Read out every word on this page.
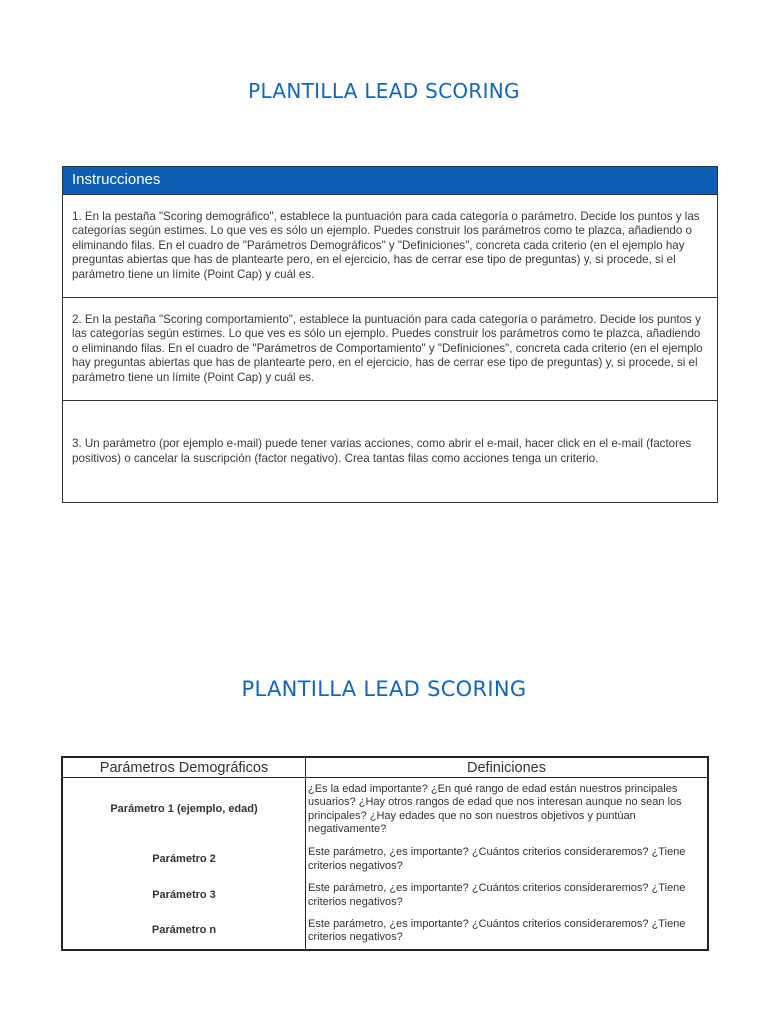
PLANTILLA LEAD SCORING
Instrucciones
1. En la pestaña "Scoring demográfico", establece la puntuación para cada categoría o parámetro. Decide los puntos y las categorías según estimes. Lo que ves es sólo un ejemplo. Puedes construir los parámetros como te plazca, añadiendo o eliminando filas. En el cuadro de "Parámetros Demográficos" y "Definiciones", concreta cada criterio (en el ejemplo hay preguntas abiertas que has de plantearte pero, en el ejercicio, has de cerrar ese tipo de preguntas) y, si procede, si el parámetro tiene un límite (Point Cap) y cuál es.
2. En la pestaña "Scoring comportamiento", establece la puntuación para cada categoría o parámetro. Decide los puntos y las categorías según estimes. Lo que ves es sólo un ejemplo. Puedes construir los parámetros como te plazca, añadiendo o eliminando filas. En el cuadro de "Parámetros de Comportamiento" y "Definiciones", concreta cada criterio (en el ejemplo hay preguntas abiertas que has de plantearte pero, en el ejercicio, has de cerrar ese tipo de preguntas) y, si procede, si el parámetro tiene un límite (Point Cap) y cuál es.
3. Un parámetro (por ejemplo e-mail) puede tener varias acciones, como abrir el e-mail, hacer click en el e-mail (factores positivos) o cancelar la suscripción (factor negativo). Crea tantas filas como acciones tenga un criterio.
PLANTILLA LEAD SCORING
Parámetros Demográficos	Definiciones
Parámetro 1 (ejemplo, edad)	¿Es la edad importante? ¿En qué rango de edad están nuestros principales usuarios? ¿Hay otros rangos de edad que nos interesan aunque no sean los principales? ¿Hay edades que no son nuestros objetivos y puntúan negativamente?
Parámetro 2	Este parámetro, ¿es importante? ¿Cuántos criterios consideraremos? ¿Tiene criterios negativos?
Parámetro 3	Este parámetro, ¿es importante? ¿Cuántos criterios consideraremos? ¿Tiene criterios negativos?
Parámetro n	Este parámetro, ¿es importante? ¿Cuántos criterios consideraremos? ¿Tiene criterios negativos?
